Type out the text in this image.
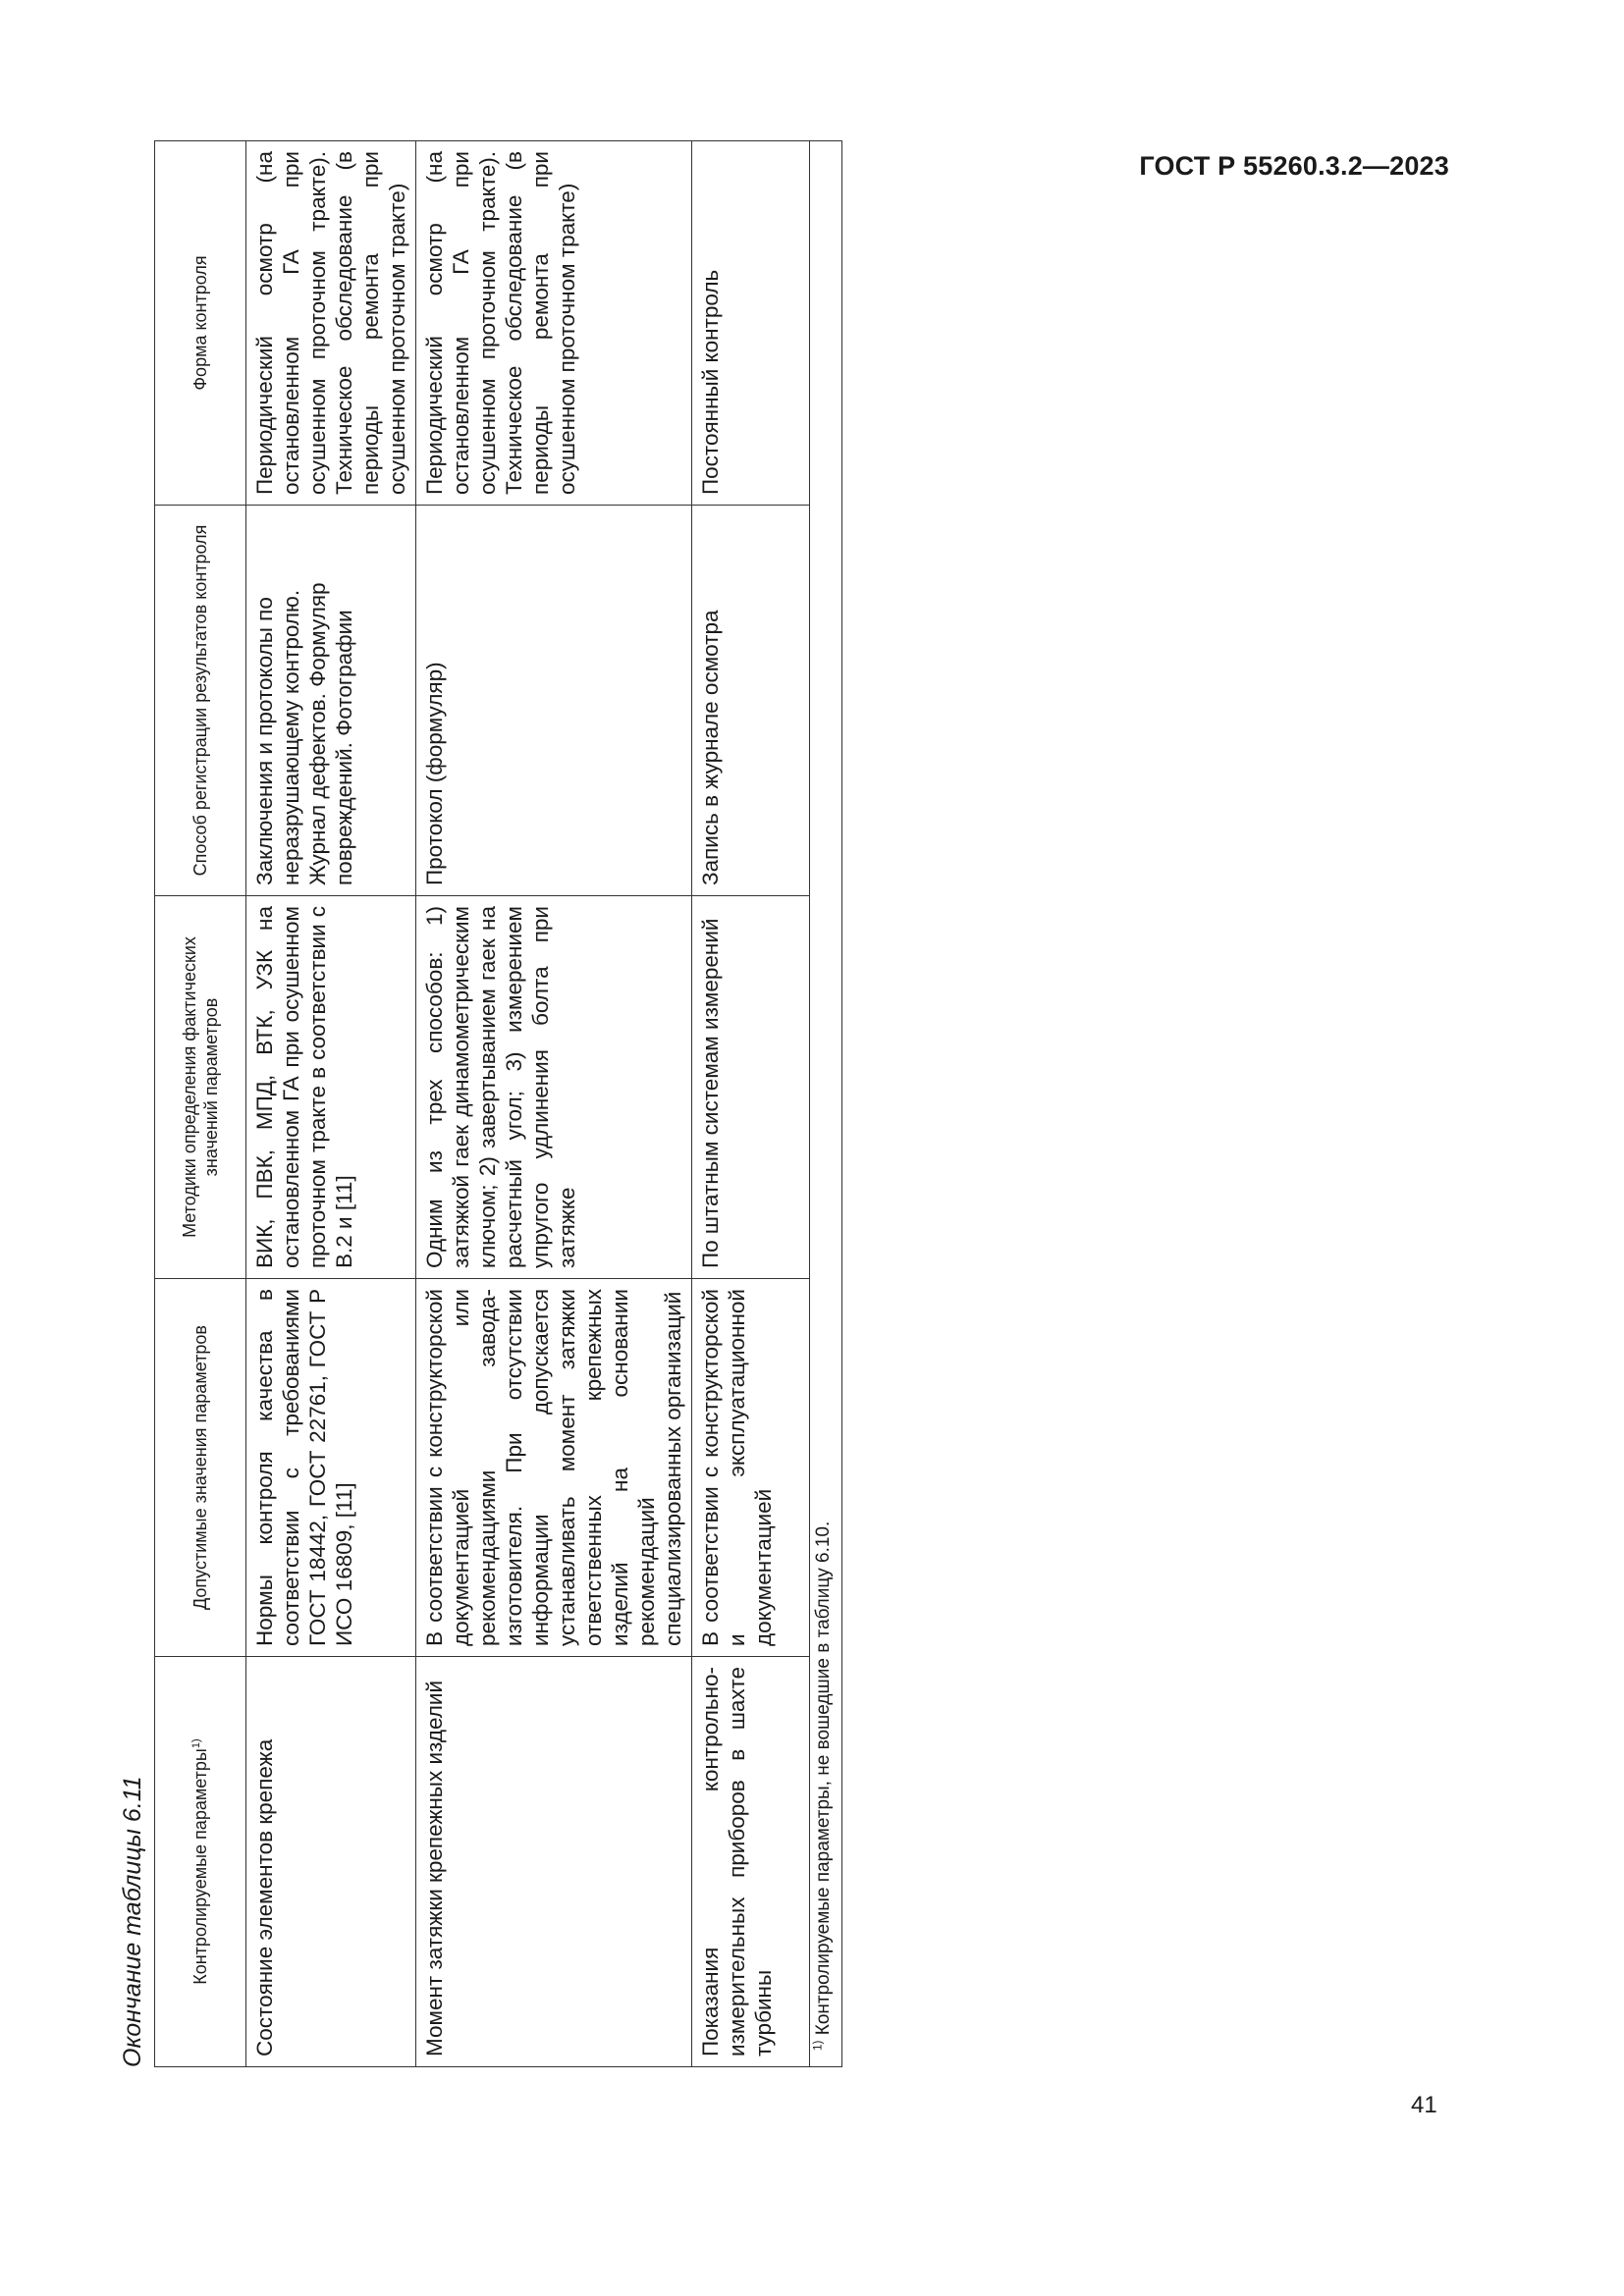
ГОСТ Р 55260.3.2—2023
Окончание таблицы 6.11	Контролируемые параметры$^{1)}$	Допустимые значения параметров	Методики определения фактических значений параметров	Способ регистрации результатов контроля	Форма контроля
Состояние элементов крепежа	Нормы контроля качества в соответствии с требованиями ГОСТ 18442, ГОСТ 22761, ГОСТ Р ИСО 16809, [11]	ВИК, ПВК, МПД, ВТК, УЗК на остановленном ГА при осушенном проточном тракте в соответствии с В.2 и [11]	Заключения и протоколы по неразрушающему контролю. Журнал дефектов. Формуляр повреждений. Фотографии	Периодический осмотр (на остановленном ГА при осушенном проточном тракте). Техническое обследование (в периоды ремонта при осушенном проточном тракте)
Момент затяжки крепежных изделий	В соответствии с конструкторской документацией или рекомендациями завода-изготовителя. При отсутствии информации допускается устанавливать момент затяжки ответственных крепежных изделий на основании рекомендаций специализированных организаций	Одним из трех способов: 1) затяжкой гаек динамометрическим ключом; 2) завертыванием гаек на расчетный угол; 3) измерением упругого удлинения болта при затяжке	Протокол (формуляр)	Периодический осмотр (на остановленном ГА при осушенном проточном тракте). Техническое обследование (в периоды ремонта при осушенном проточном тракте)
Показания контрольно-измерительных приборов в шахте турбины	В соответствии с конструкторской и эксплуатационной документацией	По штатным системам измерений	Запись в журнале осмотра	Постоянный контроль
$^{1)}$ Контролируемые параметры, не вошедшие в таблицу 6.10.				
41
